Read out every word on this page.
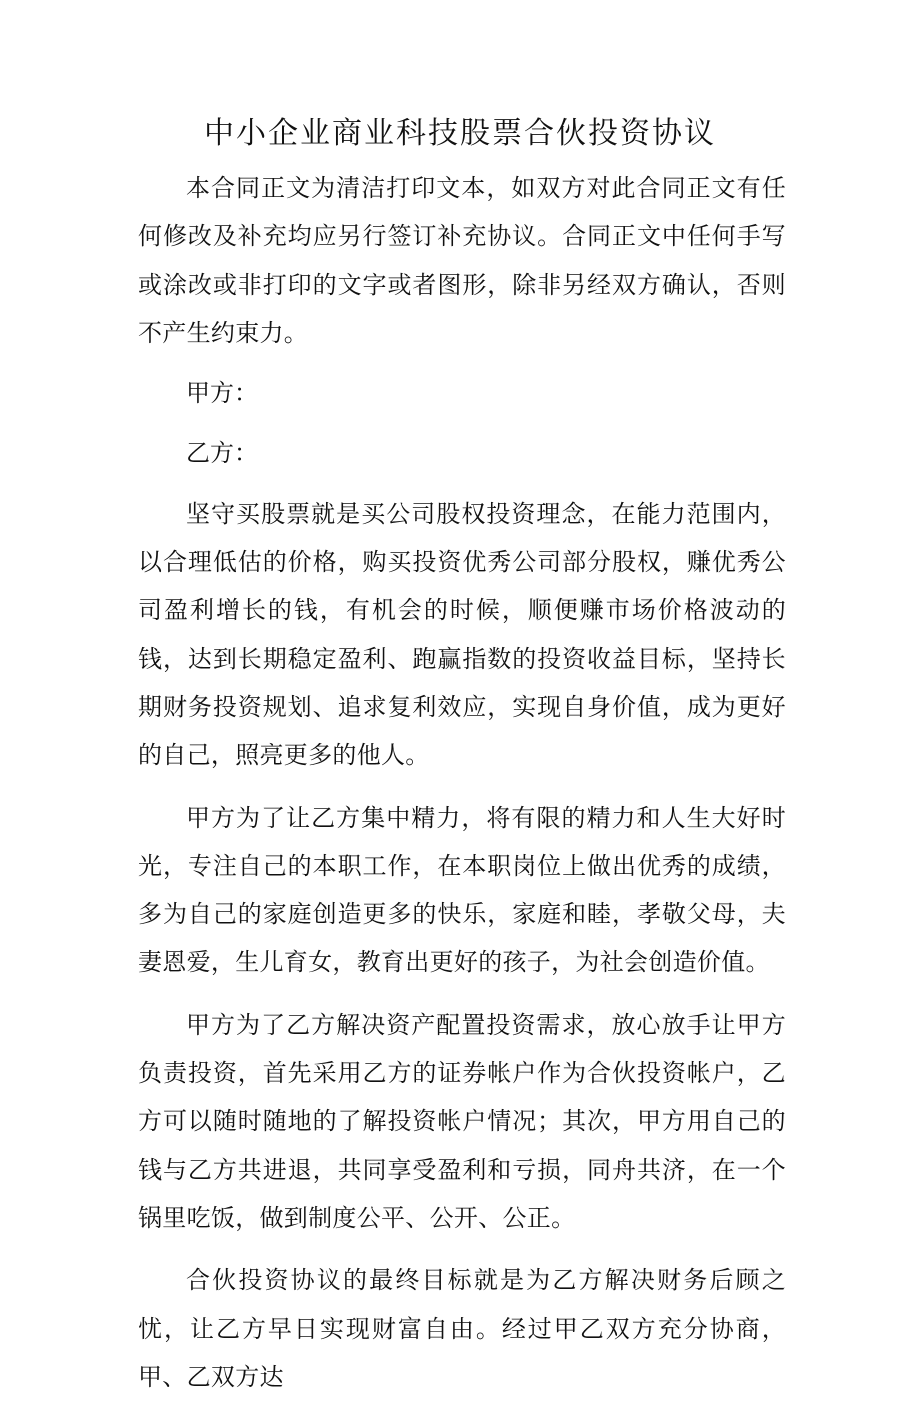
中小企业商业科技股票合伙投资协议

本合同正文为清洁打印文本，如双方对此合同正文有任何修改及补充均应另行签订补充协议。合同正文中任何手写或涂改或非打印的文字或者图形，除非另经双方确认，否则不产生约束力。

甲方：

乙方：

坚守买股票就是买公司股权投资理念，在能力范围内，以合理低估的价格，购买投资优秀公司部分股权，赚优秀公司盈利增长的钱，有机会的时候，顺便赚市场价格波动的钱，达到长期稳定盈利、跑赢指数的投资收益目标，坚持长期财务投资规划、追求复利效应，实现自身价值，成为更好的自己，照亮更多的他人。

甲方为了让乙方集中精力，将有限的精力和人生大好时光，专注自己的本职工作，在本职岗位上做出优秀的成绩，多为自己的家庭创造更多的快乐，家庭和睦，孝敬父母，夫妻恩爱，生儿育女，教育出更好的孩子，为社会创造价值。

甲方为了乙方解决资产配置投资需求，放心放手让甲方负责投资，首先采用乙方的证券帐户作为合伙投资帐户，乙方可以随时随地的了解投资帐户情况；其次，甲方用自己的钱与乙方共进退，共同享受盈利和亏损，同舟共济，在一个锅里吃饭，做到制度公平、公开、公正。

合伙投资协议的最终目标就是为乙方解决财务后顾之忧，让乙方早日实现财富自由。经过甲乙双方充分协商，甲、乙双方达
